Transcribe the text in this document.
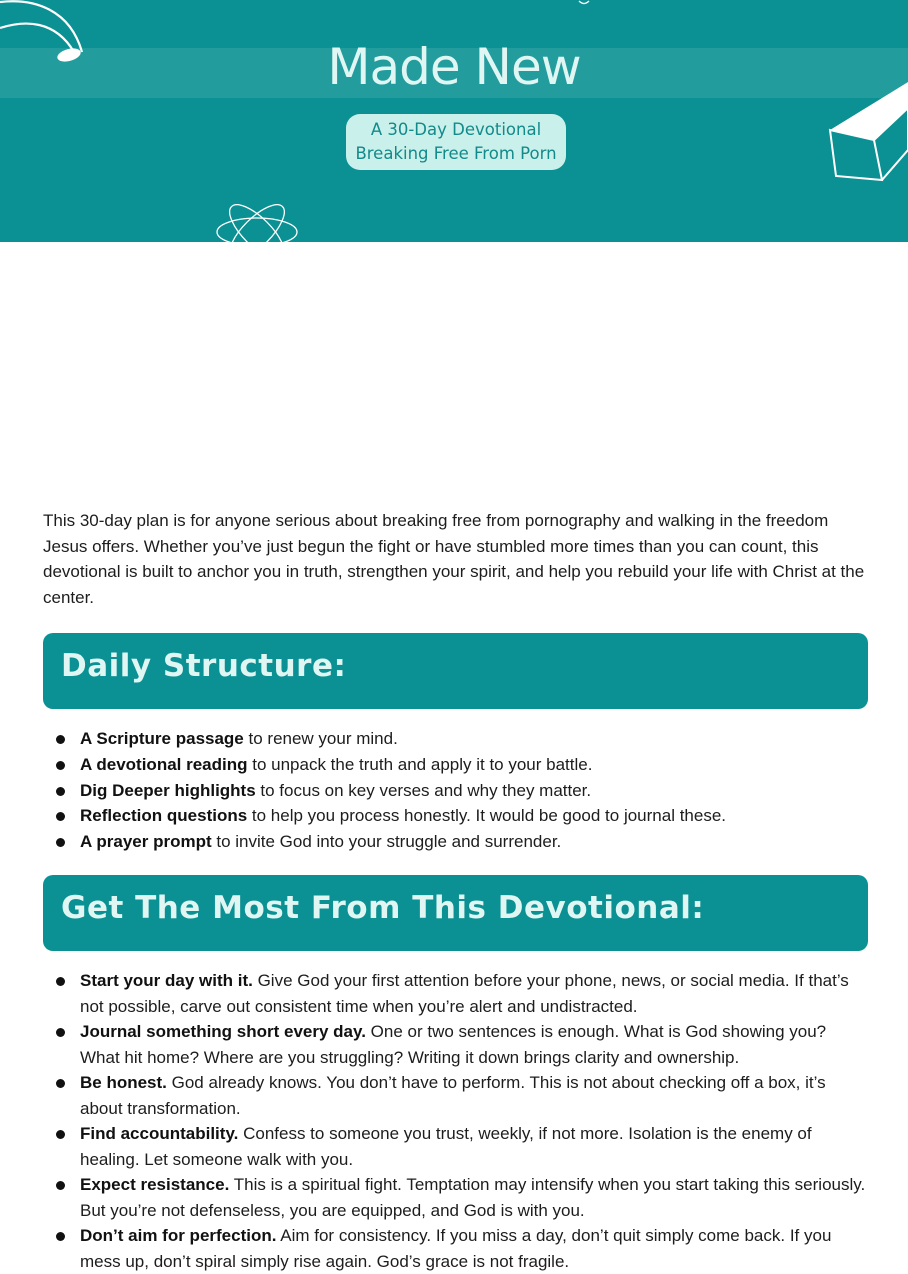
Made New
A 30-Day Devotional
Breaking Free From Porn

This 30-day plan is for anyone serious about breaking free from pornography and walking in the freedom Jesus offers. Whether you’ve just begun the fight or have stumbled more times than you can count, this devotional is built to anchor you in truth, strengthen your spirit, and help you rebuild your life with Christ at the center.

Daily Structure:
A Scripture passage to renew your mind.
A devotional reading to unpack the truth and apply it to your battle.
Dig Deeper highlights to focus on key verses and why they matter.
Reflection questions to help you process honestly. It would be good to journal these.
A prayer prompt to invite God into your struggle and surrender.
Get The Most From This Devotional:
Start your day with it. Give God your first attention before your phone, news, or social media. If that’s not possible, carve out consistent time when you’re alert and undistracted.
Journal something short every day. One or two sentences is enough. What is God showing you? What hit home? Where are you struggling? Writing it down brings clarity and ownership.
Be honest. God already knows. You don’t have to perform. This is not about checking off a box, it’s about transformation.
Find accountability. Confess to someone you trust, weekly, if not more. Isolation is the enemy of healing. Let someone walk with you.
Expect resistance. This is a spiritual fight. Temptation may intensify when you start taking this seriously. But you’re not defenseless, you are equipped, and God is with you.
Don’t aim for perfection. Aim for consistency. If you miss a day, don’t quit simply come back. If you mess up, don’t spiral simply rise again. God’s grace is not fragile.
